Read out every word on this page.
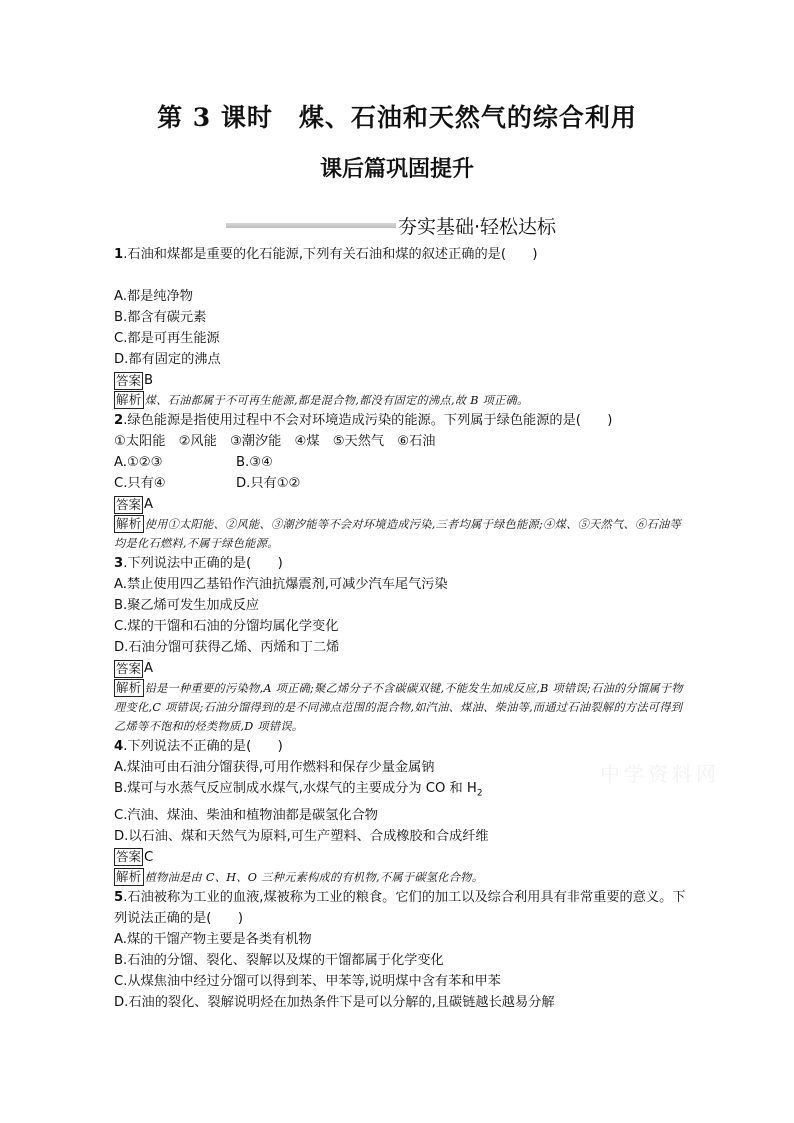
第 3 课时　煤、石油和天然气的综合利用
课后篇巩固提升
夯实基础·轻松达标

1.石油和煤都是重要的化石能源,下列有关石油和煤的叙述正确的是(　　)

A.都是纯净物

B.都含有碳元素

C.都是可再生能源

D.都有固定的沸点

答案 B

解析 煤、石油都属于不可再生能源,都是混合物,都没有固定的沸点,故 B 项正确。

2.绿色能源是指使用过程中不会对环境造成污染的能源。下列属于绿色能源的是(　　)

①太阳能　②风能　③潮汐能　④煤　⑤天然气　⑥石油

A.①②③	B.③④

C.只有④	D.只有①②

答案 A

解析 使用①太阳能、②风能、③潮汐能等不会对环境造成污染,三者均属于绿色能源;④煤、⑤天然气、⑥石油等均是化石燃料,不属于绿色能源。

3.下列说法中正确的是(　　)

A.禁止使用四乙基铅作汽油抗爆震剂,可减少汽车尾气污染

B.聚乙烯可发生加成反应

C.煤的干馏和石油的分馏均属化学变化

D.石油分馏可获得乙烯、丙烯和丁二烯

答案 A

解析 铅是一种重要的污染物,A 项正确;聚乙烯分子不含碳碳双键,不能发生加成反应,B 项错误;石油的分馏属于物理变化,C 项错误;石油分馏得到的是不同沸点范围的混合物,如汽油、煤油、柴油等,而通过石油裂解的方法可得到乙烯等不饱和的烃类物质,D 项错误。

4.下列说法不正确的是(　　)

A.煤油可由石油分馏获得,可用作燃料和保存少量金属钠

B.煤可与水蒸气反应制成水煤气,水煤气的主要成分为 CO 和 $H_2$

C.汽油、煤油、柴油和植物油都是碳氢化合物

D.以石油、煤和天然气为原料,可生产塑料、合成橡胶和合成纤维

答案 C

解析 植物油是由 C、H、O 三种元素构成的有机物,不属于碳氢化合物。

5.石油被称为工业的血液,煤被称为工业的粮食。它们的加工以及综合利用具有非常重要的意义。下列说法正确的是(　　)

A.煤的干馏产物主要是各类有机物

B.石油的分馏、裂化、裂解以及煤的干馏都属于化学变化

C.从煤焦油中经过分馏可以得到苯、甲苯等,说明煤中含有苯和甲苯

D.石油的裂化、裂解说明烃在加热条件下是可以分解的,且碳链越长越易分解

中学资料网
